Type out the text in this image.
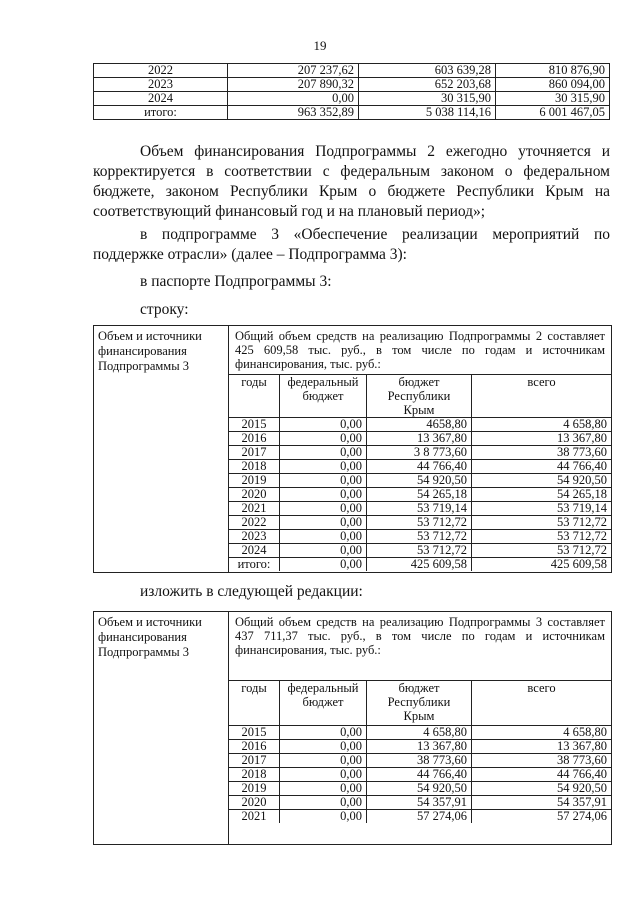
19
2022	207 237,62	603 639,28	810 876,90
2023	207 890,32	652 203,68	860 094,00
2024	0,00	30 315,90	30 315,90
итого:	963 352,89	5 038 114,16	6 001 467,05

Объем финансирования Подпрограммы 2 ежегодно уточняется и корректируется в соответствии с федеральным законом о федеральном бюджете, законом Республики Крым о бюджете Республики Крым на соответствующий финансовый год и на плановый период»;

в подпрограмме 3 «Обеспечение реализации мероприятий по поддержке отрасли» (далее – Подпрограмма 3):

в паспорте Подпрограммы 3:

строку:

Объем и источники финансирования Подпрограммы 3
Общий объем средств на реализацию Подпрограммы 2 составляет 425 609,58 тыс. руб., в том числе по годам и источникам финансирования, тыс. руб.:
годы	федеральный бюджет	бюджет Республики Крым	всего
2015	0,00	4658,80	4 658,80
2016	0,00	13 367,80	13 367,80
2017	0,00	3 8 773,60	38 773,60
2018	0,00	44 766,40	44 766,40
2019	0,00	54 920,50	54 920,50
2020	0,00	54 265,18	54 265,18
2021	0,00	53 719,14	53 719,14
2022	0,00	53 712,72	53 712,72
2023	0,00	53 712,72	53 712,72
2024	0,00	53 712,72	53 712,72
итого:	0,00	425 609,58	425 609,58

изложить в следующей редакции:

Объем и источники финансирования Подпрограммы 3
Общий объем средств на реализацию Подпрограммы 3 составляет 437 711,37 тыс. руб., в том числе по годам и источникам финансирования, тыс. руб.:
годы	федеральный бюджет	бюджет Республики Крым	всего
2015	0,00	4 658,80	4 658,80
2016	0,00	13 367,80	13 367,80
2017	0,00	38 773,60	38 773,60
2018	0,00	44 766,40	44 766,40
2019	0,00	54 920,50	54 920,50
2020	0,00	54 357,91	54 357,91
2021	0,00	57 274,06	57 274,06
